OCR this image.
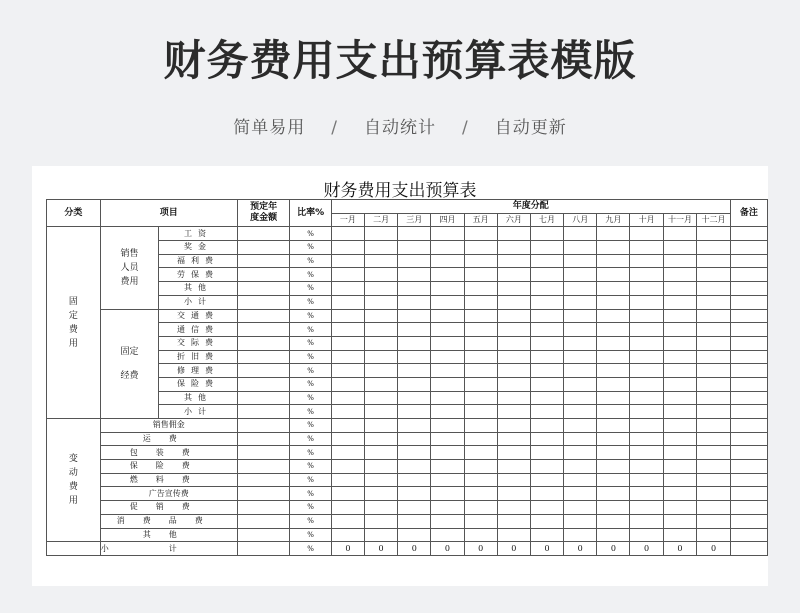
财务费用支出预算表模版
简单易用 / 自动统计 / 自动更新
财务费用支出预算表
分类	项目		预定年度金额	比率%	年度分配												备注
					一月	二月	三月	四月	五月	六月	七月	八月	九月	十月	十一月	十二月	
固定费用	销售人员费用	工资		%													
		奖金		%													
		福利费		%													
		劳保费		%													
		其他		%													
		小计		%													
	固定经费	交通费		%													
		通信费		%													
		交际费		%													
		折旧费		%													
		修理费		%													
		保险费		%													
		其他		%													
		小计		%													
变动费用	销售佣金			%													
	运费			%													
	包装费			%													
	保险费			%													
	燃料费			%													
	广告宣传费			%													
	促销费			%													
	消费品费			%													
	其他			%													
	小计			%	0	0	0	0	0	0	0	0	0	0	0	0	
